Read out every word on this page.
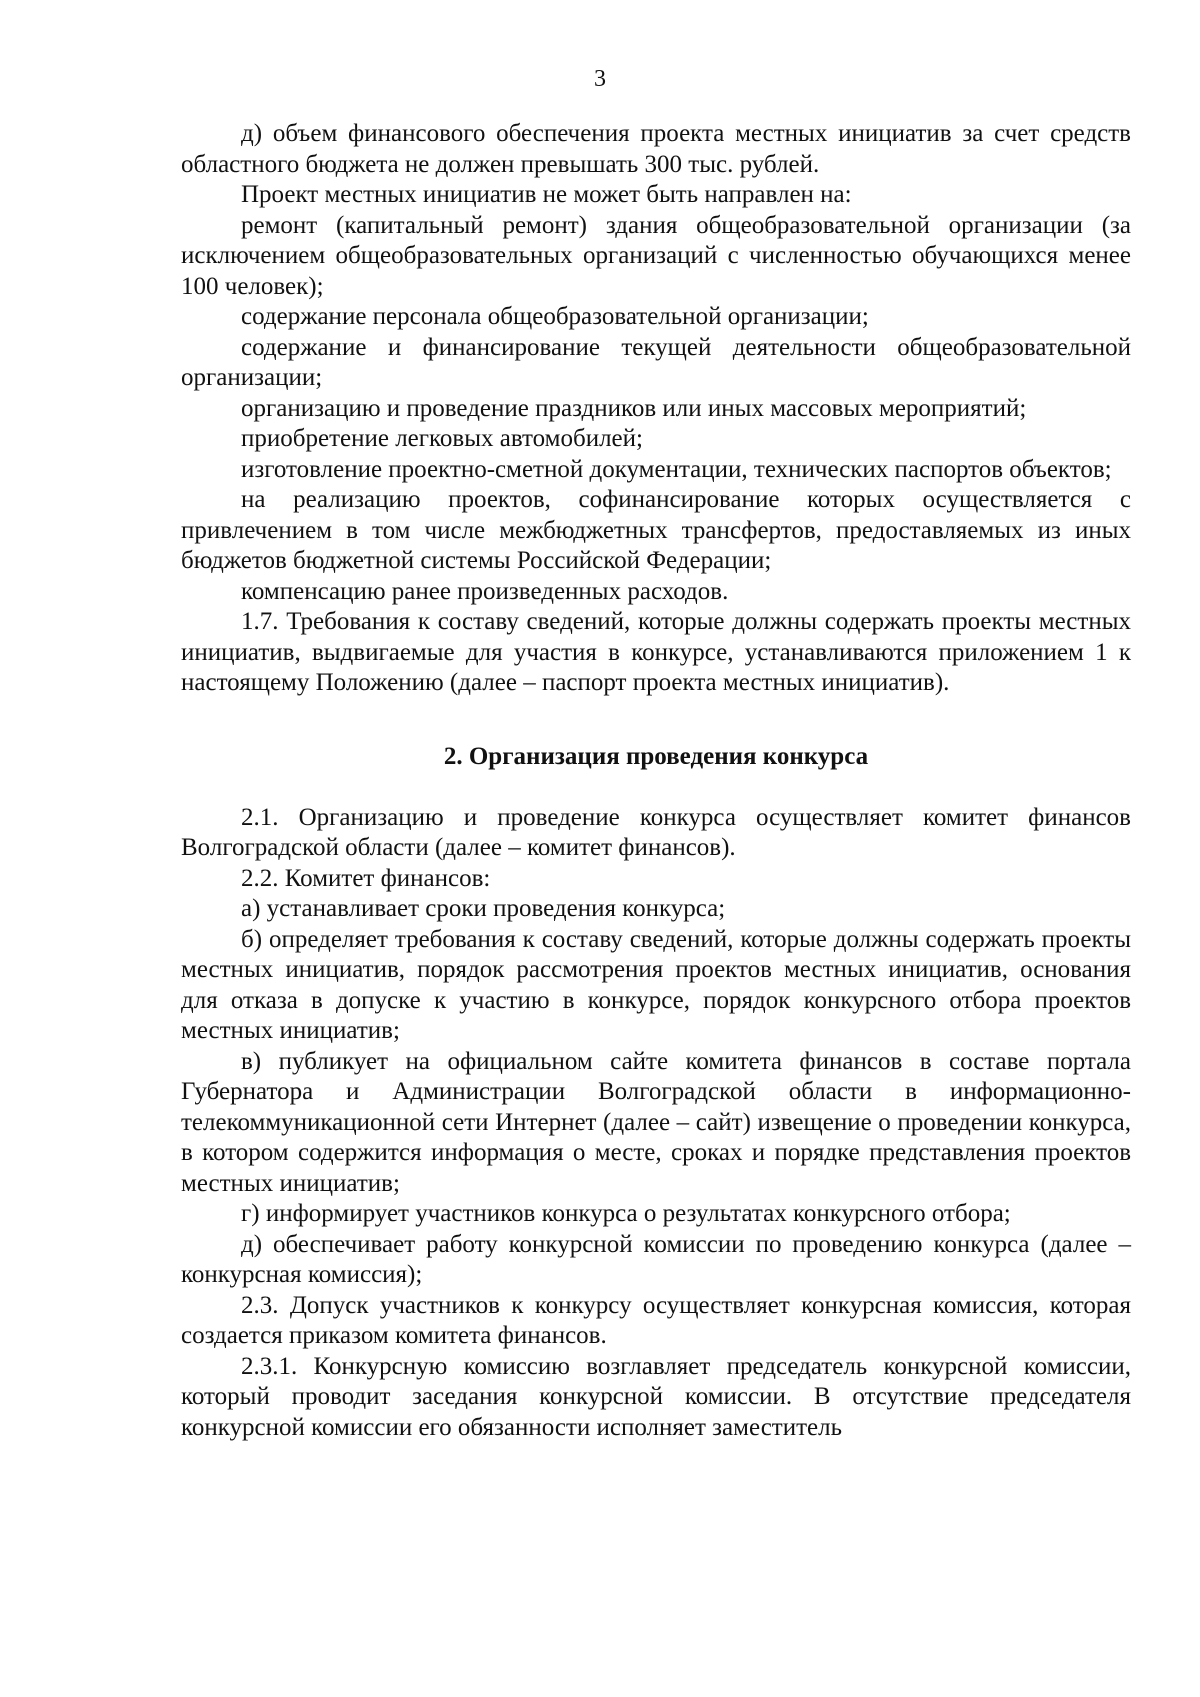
3

д) объем финансового обеспечения проекта местных инициатив за счет средств областного бюджета не должен превышать 300 тыс. рублей.

Проект местных инициатив не может быть направлен на:

ремонт (капитальный ремонт) здания общеобразовательной организации (за исключением общеобразовательных организаций с численностью обучающихся менее 100 человек);

содержание персонала общеобразовательной организации;

содержание и финансирование текущей деятельности общеобразовательной организации;

организацию и проведение праздников или иных массовых мероприятий;

приобретение легковых автомобилей;

изготовление проектно-сметной документации, технических паспортов объектов;

на реализацию проектов, софинансирование которых осуществляется с привлечением в том числе межбюджетных трансфертов, предоставляемых из иных бюджетов бюджетной системы Российской Федерации;

компенсацию ранее произведенных расходов.

1.7. Требования к составу сведений, которые должны содержать проекты местных инициатив, выдвигаемые для участия в конкурсе, устанавливаются приложением 1 к настоящему Положению (далее – паспорт проекта местных инициатив).

2. Организация проведения конкурса

2.1. Организацию и проведение конкурса осуществляет комитет финансов Волгоградской области (далее – комитет финансов).

2.2. Комитет финансов:

а) устанавливает сроки проведения конкурса;

б) определяет требования к составу сведений, которые должны содержать проекты местных инициатив, порядок рассмотрения проектов местных инициатив, основания для отказа в допуске к участию в конкурсе, порядок конкурсного отбора проектов местных инициатив;

в) публикует на официальном сайте комитета финансов в составе портала Губернатора и Администрации Волгоградской области в информационно-телекоммуникационной сети Интернет (далее – сайт) извещение о проведении конкурса, в котором содержится информация о месте, сроках и порядке представления проектов местных инициатив;

г) информирует участников конкурса о результатах конкурсного отбора;

д) обеспечивает работу конкурсной комиссии по проведению конкурса (далее – конкурсная комиссия);

2.3. Допуск участников к конкурсу осуществляет конкурсная комиссия, которая создается приказом комитета финансов.

2.3.1. Конкурсную комиссию возглавляет председатель конкурсной комиссии, который проводит заседания конкурсной комиссии. В отсутствие председателя конкурсной комиссии его обязанности исполняет заместитель
